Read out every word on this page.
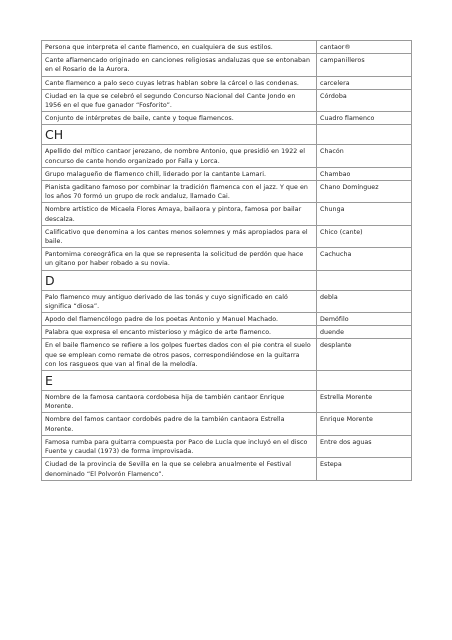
Persona que interpreta el cante flamenco, en cualquiera de sus estilos.	cantaor®
Cante aflamencado originado en canciones religiosas andaluzas que se entonaban en el Rosario de la Aurora.	campanilleros
Cante flamenco a palo seco cuyas letras hablan sobre la cárcel o las condenas.	carcelera
Ciudad en la que se celebró el segundo Concurso Nacional del Cante Jondo en 1956 en el que fue ganador “Fosforito”.	Córdoba
Conjunto de intérpretes de baile, cante y toque flamencos.	Cuadro flamenco
CH	
Apellido del mítico cantaor jerezano, de nombre Antonio, que presidió en 1922 el concurso de cante hondo organizado por Falla y Lorca.	Chacón
Grupo malagueño de flamenco chill, liderado por la cantante Lamari.	Chambao
Pianista gaditano famoso por combinar la tradición flamenca con el jazz. Y que en los años 70 formó un grupo de rock andaluz, llamado Cai.	Chano Domínguez
Nombre artístico de Micaela Flores Amaya, bailaora y pintora, famosa por bailar descalza.	Chunga
Calificativo que denomina a los cantes menos solemnes y más apropiados para el baile.	Chico (cante)
Pantomima coreográfica en la que se representa la solicitud de perdón que hace un gitano por haber robado a su novia.	Cachucha
D	
Palo flamenco muy antiguo derivado de las tonás y cuyo significado en caló significa “diosa”.	debla
Apodo del flamencólogo padre de los poetas Antonio y Manuel Machado.	Demófilo
Palabra que expresa el encanto misterioso y mágico de arte flamenco.	duende
En el baile flamenco se refiere a los golpes fuertes dados con el pie contra el suelo que se emplean como remate de otros pasos, correspondiéndose en la guitarra con los rasgueos que van al final de la melodía.	desplante
E	
Nombre de la famosa cantaora cordobesa hija de también cantaor Enrique Morente.	Estrella Morente
Nombre del famos cantaor cordobés padre de la también cantaora Estrella Morente.	Enrique Morente
Famosa rumba para guitarra compuesta por Paco de Lucía que incluyó en el disco Fuente y caudal (1973) de forma improvisada.	Entre dos aguas
Ciudad de la provincia de Sevilla en la que se celebra anualmente el Festival denominado “El Polvorón Flamenco”.	Estepa
